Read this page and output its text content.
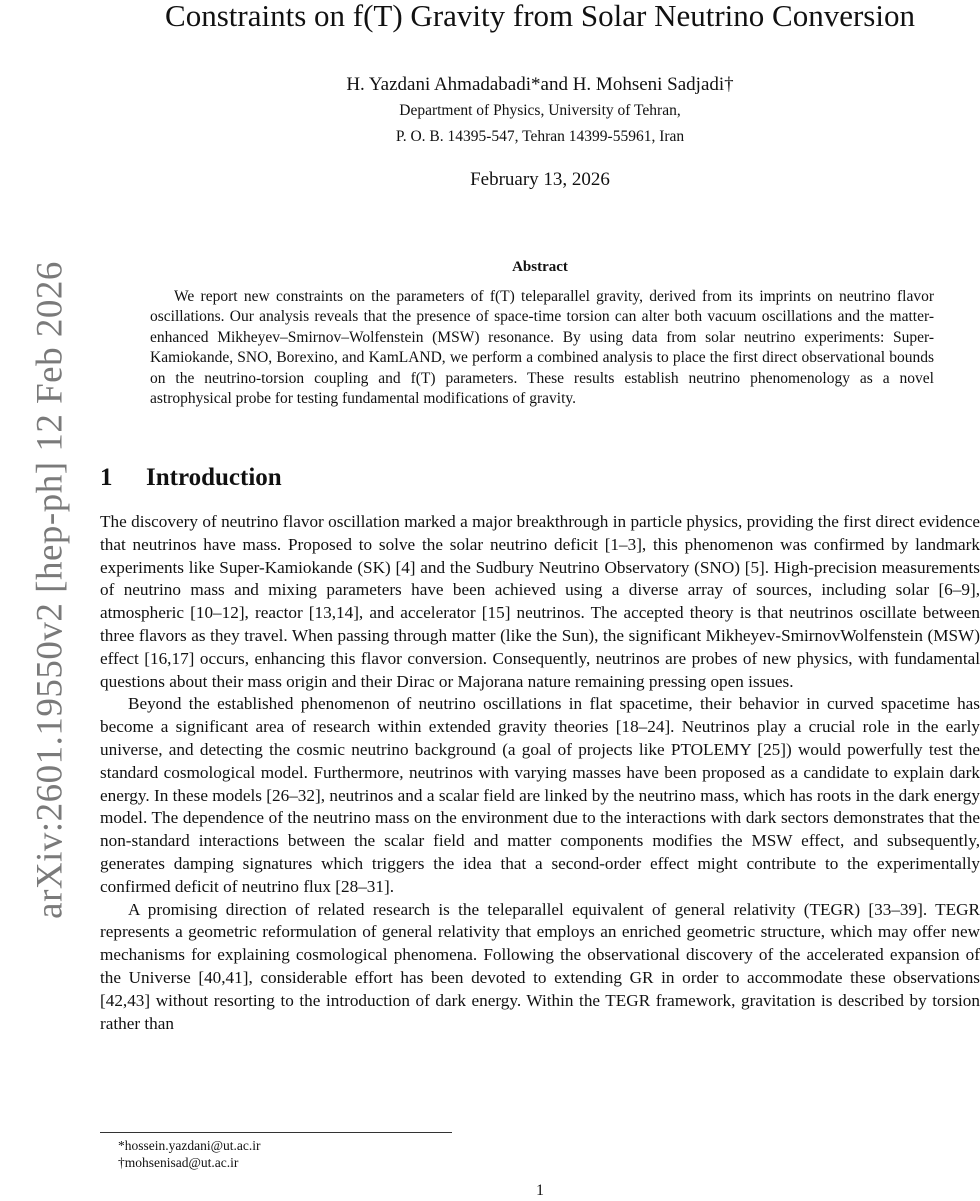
arXiv:2601.19550v2 [hep-ph] 12 Feb 2026
Constraints on f(T) Gravity from Solar Neutrino Conversion
H. Yazdani Ahmadabadi*and H. Mohseni Sadjadi†
Department of Physics, University of Tehran,
P. O. B. 14395-547, Tehran 14399-55961, Iran
February 13, 2026
Abstract

We report new constraints on the parameters of f(T) teleparallel gravity, derived from its imprints on neutrino flavor oscillations. Our analysis reveals that the presence of space-time torsion can alter both vacuum oscillations and the matter-enhanced Mikheyev–Smirnov–Wolfenstein (MSW) resonance. By using data from solar neutrino experiments: Super-Kamiokande, SNO, Borexino, and KamLAND, we perform a combined analysis to place the first direct observational bounds on the neutrino-torsion coupling and f(T) parameters. These results establish neutrino phenomenology as a novel astrophysical probe for testing fundamental modifications of gravity.

1 Introduction

The discovery of neutrino flavor oscillation marked a major breakthrough in particle physics, providing the first direct evidence that neutrinos have mass. Proposed to solve the solar neutrino deficit [1–3], this phenomenon was confirmed by landmark experiments like Super-Kamiokande (SK) [4] and the Sudbury Neutrino Observatory (SNO) [5]. High-precision measurements of neutrino mass and mixing parameters have been achieved using a diverse array of sources, including solar [6–9], atmospheric [10–12], reactor [13,14], and accelerator [15] neutrinos. The accepted theory is that neutrinos oscillate between three flavors as they travel. When passing through matter (like the Sun), the significant Mikheyev-SmirnovWolfenstein (MSW) effect [16,17] occurs, enhancing this flavor conversion. Consequently, neutrinos are probes of new physics, with fundamental questions about their mass origin and their Dirac or Majorana nature remaining pressing open issues.

Beyond the established phenomenon of neutrino oscillations in flat spacetime, their behavior in curved spacetime has become a significant area of research within extended gravity theories [18–24]. Neutrinos play a crucial role in the early universe, and detecting the cosmic neutrino background (a goal of projects like PTOLEMY [25]) would powerfully test the standard cosmological model. Furthermore, neutrinos with varying masses have been proposed as a candidate to explain dark energy. In these models [26–32], neutrinos and a scalar field are linked by the neutrino mass, which has roots in the dark energy model. The dependence of the neutrino mass on the environment due to the interactions with dark sectors demonstrates that the non-standard interactions between the scalar field and matter components modifies the MSW effect, and subsequently, generates damping signatures which triggers the idea that a second-order effect might contribute to the experimentally confirmed deficit of neutrino flux [28–31].

A promising direction of related research is the teleparallel equivalent of general relativity (TEGR) [33–39]. TEGR represents a geometric reformulation of general relativity that employs an enriched geometric structure, which may offer new mechanisms for explaining cosmological phenomena. Following the observational discovery of the accelerated expansion of the Universe [40,41], considerable effort has been devoted to extending GR in order to accommodate these observations [42,43] without resorting to the introduction of dark energy. Within the TEGR framework, gravitation is described by torsion rather than

*hossein.yazdani@ut.ac.ir
†mohsenisad@ut.ac.ir
1
